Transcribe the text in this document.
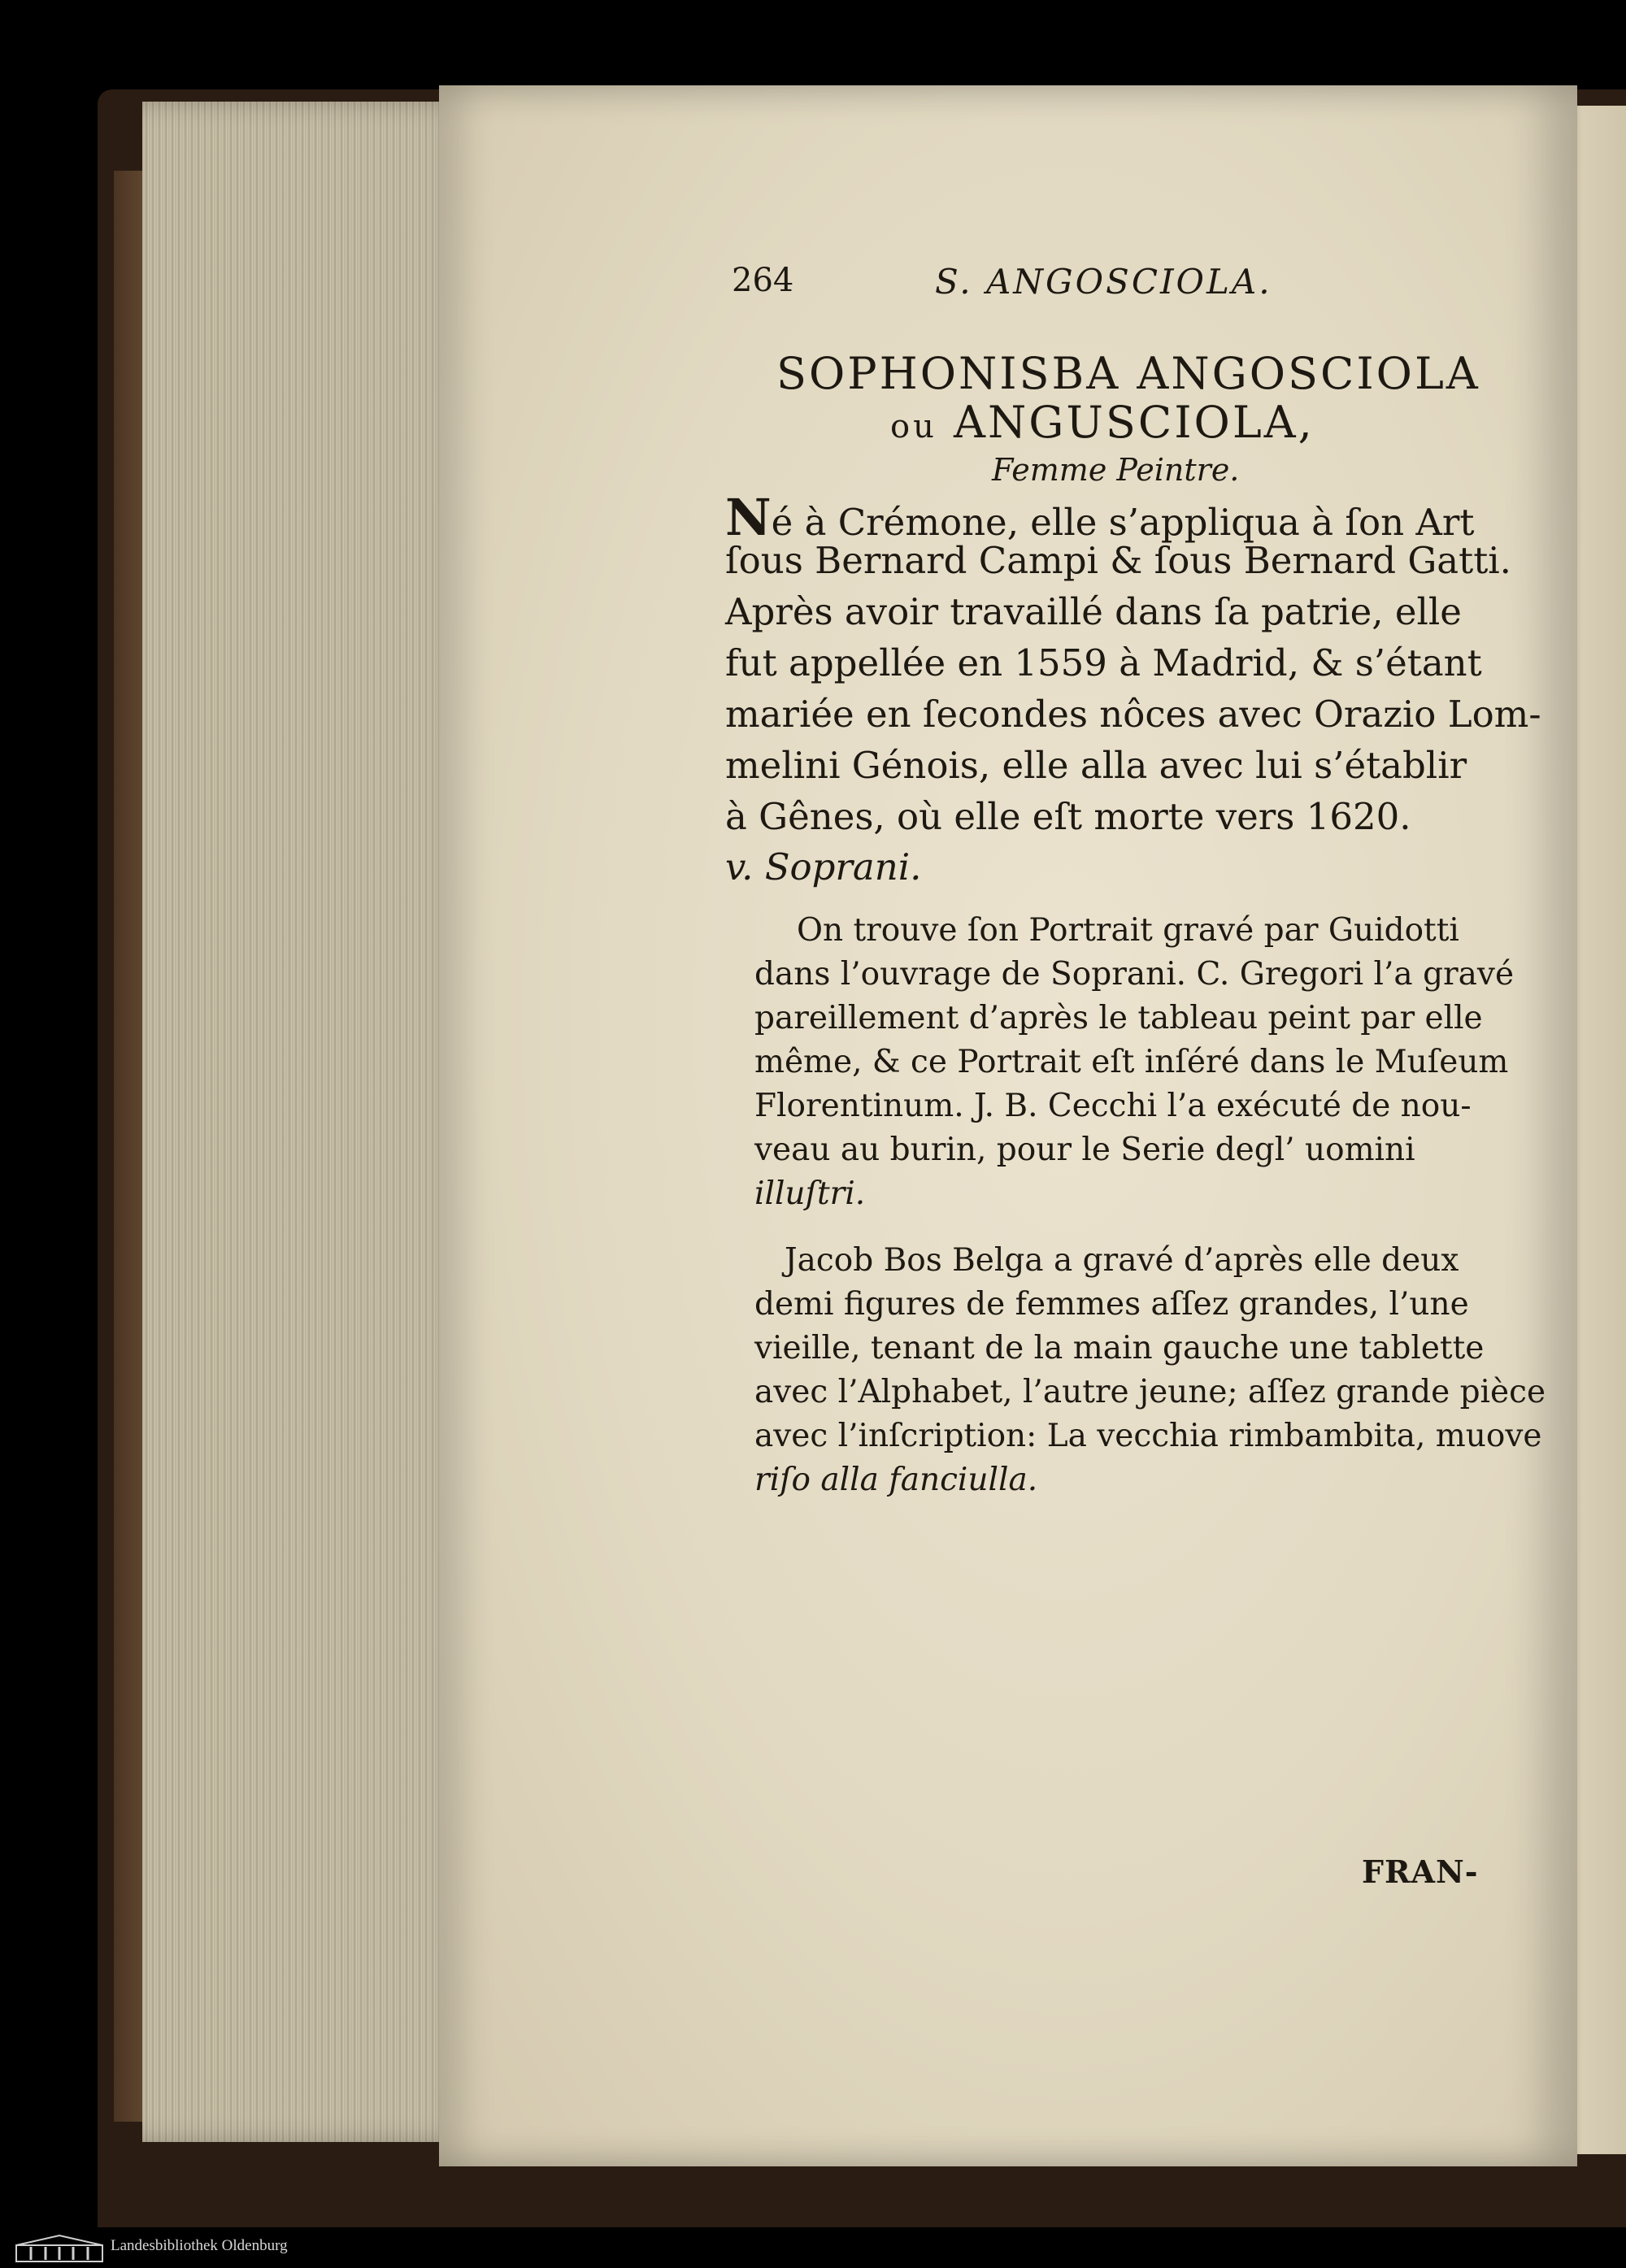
264	S. ANGOSCIOLA.
SOPHONISBA ANGOSCIOLA
ou ANGUSCIOLA,
Femme Peintre.
Né à Crémone, elle s’appliqua à ſon Art
ſous Bernard Campi & ſous Bernard Gatti.
Après avoir travaillé dans ſa patrie, elle
fut appellée en 1559 à Madrid, & s’étant
mariée en ſecondes nôces avec Orazio Lom-
melini Génois, elle alla avec lui s’établir
à Gênes, où elle eſt morte vers 1620.
v. Soprani.
On trouve ſon Portrait gravé par Guidotti
dans l’ouvrage de Soprani. C. Gregori l’a gravé
pareillement d’après le tableau peint par elle
même, & ce Portrait eſt inſéré dans le Muſeum
Florentinum. J. B. Cecchi l’a exécuté de nou-
veau au burin, pour le Serie degl’ uomini
illuſtri.
Jacob Bos Belga a gravé d’après elle deux
demi figures de femmes aſſez grandes, l’une
vieille, tenant de la main gauche une tablette
avec l’Alphabet, l’autre jeune; aſſez grande pièce
avec l’inſcription: La vecchia rimbambita, muove
riſo alla fanciulla.
FRAN-
Landesbibliothek Oldenburg
